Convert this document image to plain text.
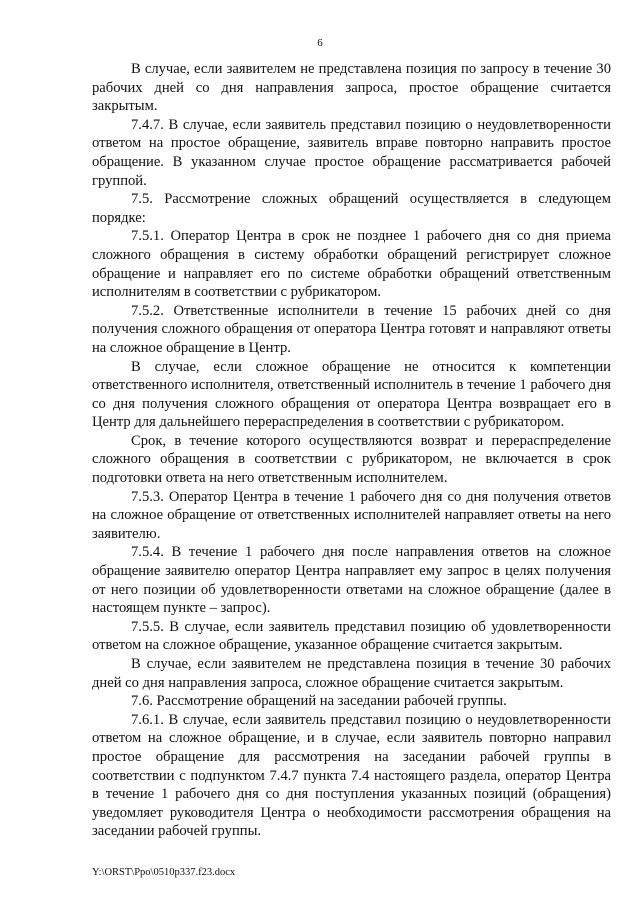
6

В случае, если заявителем не представлена позиция по запросу в течение 30 рабочих дней со дня направления запроса, простое обращение считается закрытым.

7.4.7. В случае, если заявитель представил позицию о неудовлетворенности ответом на простое обращение, заявитель вправе повторно направить простое обращение. В указанном случае простое обращение рассматривается рабочей группой.

7.5. Рассмотрение сложных обращений осуществляется в следующем порядке:

7.5.1. Оператор Центра в срок не позднее 1 рабочего дня со дня приема сложного обращения в систему обработки обращений регистрирует сложное обращение и направляет его по системе обработки обращений ответственным исполнителям в соответствии с рубрикатором.

7.5.2. Ответственные исполнители в течение 15 рабочих дней со дня получения сложного обращения от оператора Центра готовят и направляют ответы на сложное обращение в Центр.

В случае, если сложное обращение не относится к компетенции ответственного исполнителя, ответственный исполнитель в течение 1 рабочего дня со дня получения сложного обращения от оператора Центра возвращает его в Центр для дальнейшего перераспределения в соответствии с рубрикатором.

Срок, в течение которого осуществляются возврат и перераспределение сложного обращения в соответствии с рубрикатором, не включается в срок подготовки ответа на него ответственным исполнителем.

7.5.3. Оператор Центра в течение 1 рабочего дня со дня получения ответов на сложное обращение от ответственных исполнителей направляет ответы на него заявителю.

7.5.4. В течение 1 рабочего дня после направления ответов на сложное обращение заявителю оператор Центра направляет ему запрос в целях получения от него позиции об удовлетворенности ответами на сложное обращение (далее в настоящем пункте – запрос).

7.5.5. В случае, если заявитель представил позицию об удовлетворенности ответом на сложное обращение, указанное обращение считается закрытым.

В случае, если заявителем не представлена позиция в течение 30 рабочих дней со дня направления запроса, сложное обращение считается закрытым.

7.6. Рассмотрение обращений на заседании рабочей группы.

7.6.1. В случае, если заявитель представил позицию о неудовлетворенности ответом на сложное обращение, и в случае, если заявитель повторно направил простое обращение для рассмотрения на заседании рабочей группы в соответствии с подпунктом 7.4.7 пункта 7.4 настоящего раздела, оператор Центра в течение 1 рабочего дня со дня поступления указанных позиций (обращения) уведомляет руководителя Центра о необходимости рассмотрения обращения на заседании рабочей группы.

Y:\ORST\Ppo\0510p337.f23.docx
